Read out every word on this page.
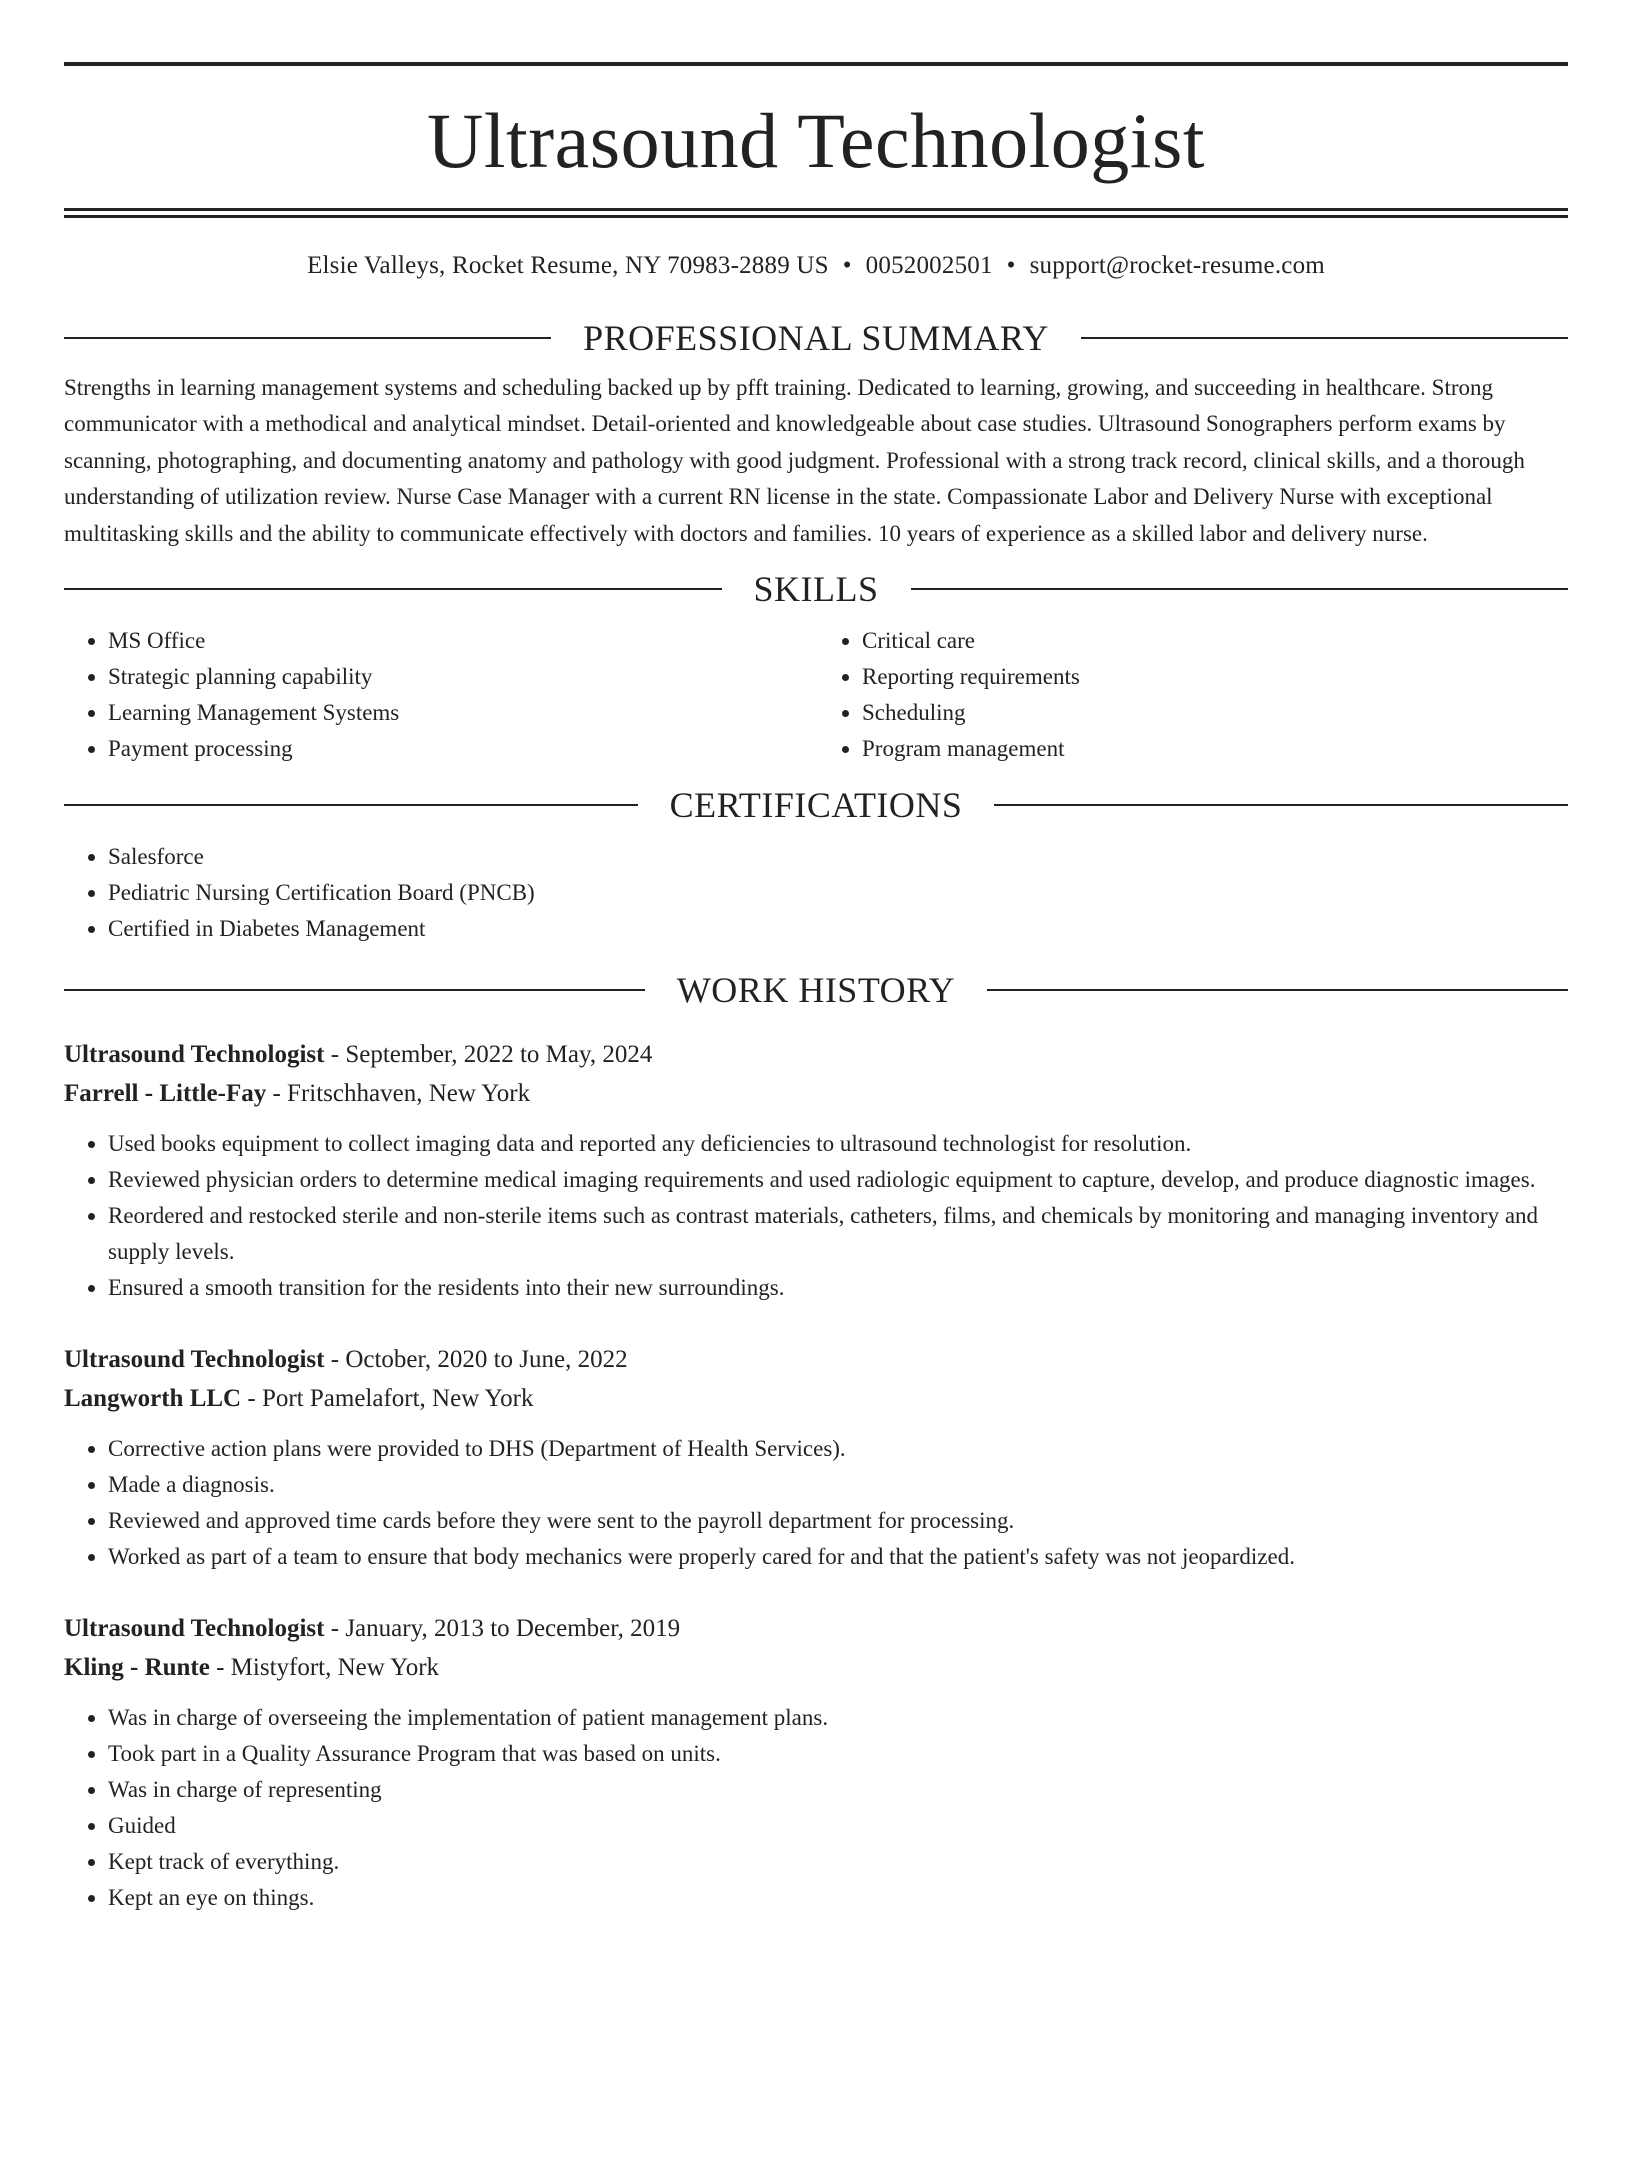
Ultrasound Technologist
Elsie Valleys, Rocket Resume, NY 70983-2889 US • 0052002501 • support@rocket-resume.com
PROFESSIONAL SUMMARY

Strengths in learning management systems and scheduling backed up by pfft training. Dedicated to learning, growing, and succeeding in healthcare. Strong communicator with a methodical and analytical mindset. Detail-oriented and knowledgeable about case studies. Ultrasound Sonographers perform exams by scanning, photographing, and documenting anatomy and pathology with good judgment. Professional with a strong track record, clinical skills, and a thorough understanding of utilization review. Nurse Case Manager with a current RN license in the state. Compassionate Labor and Delivery Nurse with exceptional multitasking skills and the ability to communicate effectively with doctors and families. 10 years of experience as a skilled labor and delivery nurse.

SKILLS
• MS Office
• Strategic planning capability
• Learning Management Systems
• Payment processing
• Critical care
• Reporting requirements
• Scheduling
• Program management
CERTIFICATIONS
• Salesforce
• Pediatric Nursing Certification Board (PNCB)
• Certified in Diabetes Management
WORK HISTORY
Ultrasound Technologist - September, 2022 to May, 2024
Farrell - Little-Fay - Fritschhaven, New York
• Used books equipment to collect imaging data and reported any deficiencies to ultrasound technologist for resolution.
• Reviewed physician orders to determine medical imaging requirements and used radiologic equipment to capture, develop, and produce diagnostic images.
• Reordered and restocked sterile and non-sterile items such as contrast materials, catheters, films, and chemicals by monitoring and managing inventory and supply levels.
• Ensured a smooth transition for the residents into their new surroundings.
Ultrasound Technologist - October, 2020 to June, 2022
Langworth LLC - Port Pamelafort, New York
• Corrective action plans were provided to DHS (Department of Health Services).
• Made a diagnosis.
• Reviewed and approved time cards before they were sent to the payroll department for processing.
• Worked as part of a team to ensure that body mechanics were properly cared for and that the patient's safety was not jeopardized.
Ultrasound Technologist - January, 2013 to December, 2019
Kling - Runte - Mistyfort, New York
• Was in charge of overseeing the implementation of patient management plans.
• Took part in a Quality Assurance Program that was based on units.
• Was in charge of representing
• Guided
• Kept track of everything.
• Kept an eye on things.
